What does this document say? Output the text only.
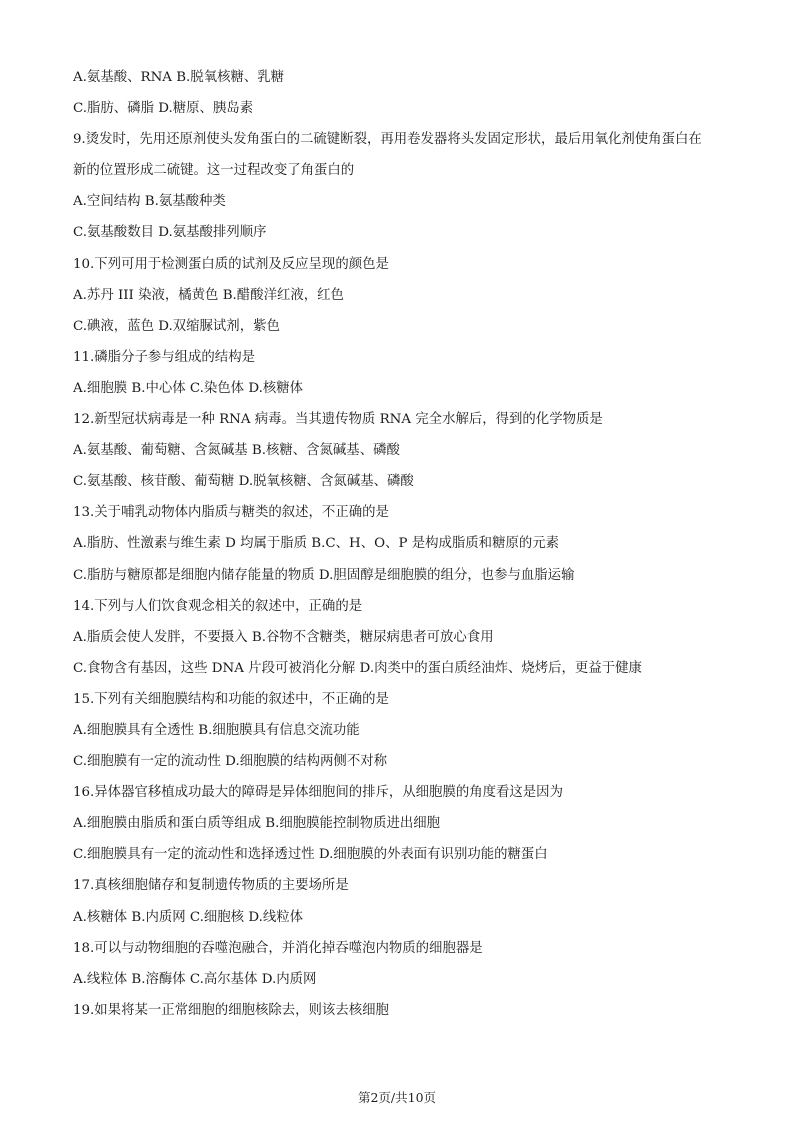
A.氨基酸、RNA B.脱氧核糖、乳糖
C.脂肪、磷脂 D.糖原、胰岛素
9.烫发时，先用还原剂使头发角蛋白的二硫键断裂，再用卷发器将头发固定形状，最后用氧化剂使角蛋白在
新的位置形成二硫键。这一过程改变了角蛋白的
A.空间结构 B.氨基酸种类
C.氨基酸数目 D.氨基酸排列顺序
10.下列可用于检测蛋白质的试剂及反应呈现的颜色是
A.苏丹 III 染液，橘黄色 B.醋酸洋红液，红色
C.碘液，蓝色 D.双缩脲试剂，紫色
11.磷脂分子参与组成的结构是
A.细胞膜 B.中心体 C.染色体 D.核糖体
12.新型冠状病毒是一种 RNA 病毒。当其遗传物质 RNA 完全水解后，得到的化学物质是
A.氨基酸、葡萄糖、含氮碱基 B.核糖、含氮碱基、磷酸
C.氨基酸、核苷酸、葡萄糖 D.脱氧核糖、含氮碱基、磷酸
13.关于哺乳动物体内脂质与糖类的叙述，不正确的是
A.脂肪、性激素与维生素 D 均属于脂质 B.C、H、O、P 是构成脂质和糖原的元素
C.脂肪与糖原都是细胞内储存能量的物质 D.胆固醇是细胞膜的组分，也参与血脂运输
14.下列与人们饮食观念相关的叙述中，正确的是
A.脂质会使人发胖，不要摄入 B.谷物不含糖类，糖尿病患者可放心食用
C.食物含有基因，这些 DNA 片段可被消化分解 D.肉类中的蛋白质经油炸、烧烤后，更益于健康
15.下列有关细胞膜结构和功能的叙述中，不正确的是
A.细胞膜具有全透性 B.细胞膜具有信息交流功能
C.细胞膜有一定的流动性 D.细胞膜的结构两侧不对称
16.异体器官移植成功最大的障碍是异体细胞间的排斥，从细胞膜的角度看这是因为
A.细胞膜由脂质和蛋白质等组成 B.细胞膜能控制物质进出细胞
C.细胞膜具有一定的流动性和选择透过性 D.细胞膜的外表面有识别功能的糖蛋白
17.真核细胞储存和复制遗传物质的主要场所是
A.核糖体 B.内质网 C.细胞核 D.线粒体
18.可以与动物细胞的吞噬泡融合，并消化掉吞噬泡内物质的细胞器是
A.线粒体 B.溶酶体 C.高尔基体 D.内质网
19.如果将某一正常细胞的细胞核除去，则该去核细胞
第2页/共10页
